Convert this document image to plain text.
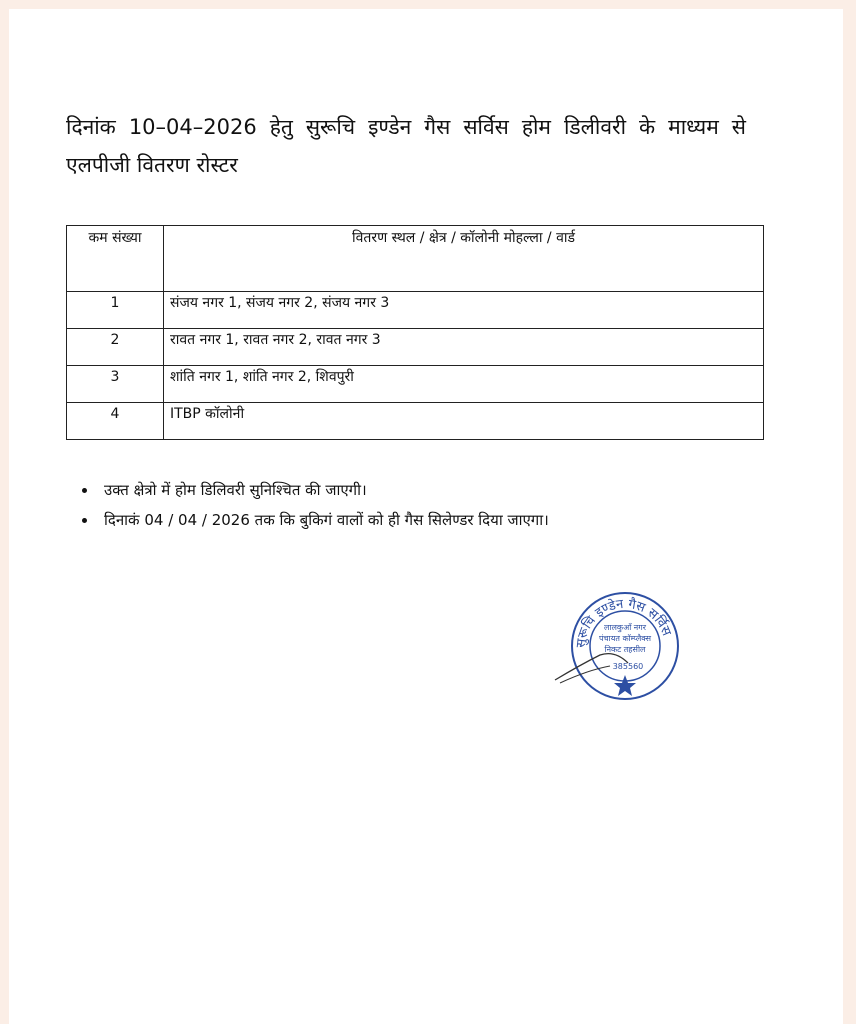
दिनांक 10–04–2026 हेतु सुरूचि इण्डेन गैस सर्विस होम डिलीवरी के माध्यम से एलपीजी वितरण रोस्टर
कम संख्या	वितरण स्थल / क्षेत्र / कॉलोनी मोहल्ला / वार्ड
1	संजय नगर 1, संजय नगर 2, संजय नगर 3
2	रावत नगर 1, रावत नगर 2, रावत नगर 3
3	शांति नगर 1, शांति नगर 2, शिवपुरी
4	ITBP कॉलोनी
• उक्त क्षेत्रो में होम डिलिवरी सुनिश्चित की जाएगी।
• दिनाकं 04 / 04 / 2026 तक कि बुकिगं वालों को ही गैस सिलेण्डर दिया जाएगा।
सुरूचि इण्डेन गैस सर्विस
लालकुआँ नगर
पंचायत कॉम्प्लैक्स
निकट तहसील
385560
